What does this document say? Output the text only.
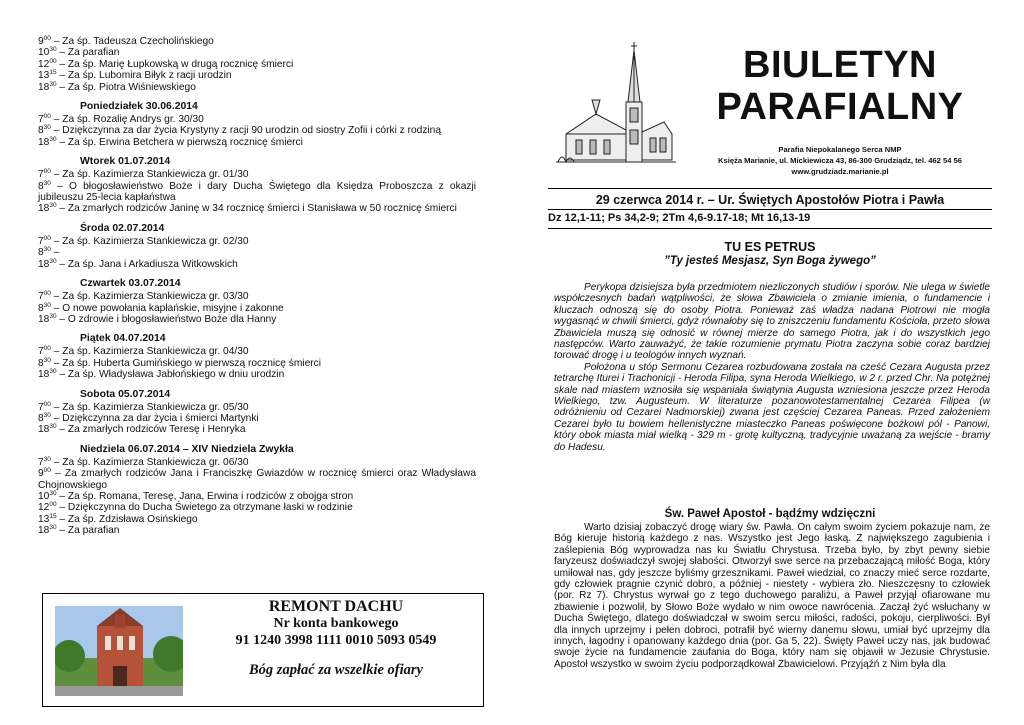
$9^{00}$ – Za śp. Tadeusza Czecholińskiego
$10^{30}$ – Za parafian
$12^{00}$ – Za śp. Marię Łupkowską w drugą rocznicę śmierci
$13^{15}$ – Za śp. Lubomira Biłyk z racji urodzin
$18^{30}$ – Za śp. Piotra Wiśniewskiego
Poniedziałek 30.06.2014
$7^{00}$ – Za śp. Rozalię Andrys gr. 30/30
$8^{30}$ – Dziękczynna za dar życia Krystyny z racji 90 urodzin od siostry Zofii i córki z rodziną
$18^{30}$ – Za śp. Erwina Betchera w pierwszą rocznicę śmierci
Wtorek 01.07.2014
$7^{00}$ – Za śp. Kazimierza Stankiewicza gr. 01/30
$8^{30}$ – O błogosławieństwo Boże i dary Ducha Świętego dla Księdza Proboszcza z okazji jubileuszu 25-lecia kapłaństwa
$18^{30}$ – Za zmarłych rodziców Janinę w 34 rocznicę śmierci i Stanisława w 50 rocznicę śmierci
Środa 02.07.2014
$7^{00}$ – Za śp. Kazimierza Stankiewicza gr. 02/30
$8^{30}$ –
$18^{30}$ – Za śp. Jana i Arkadiusza Witkowskich
Czwartek 03.07.2014
$7^{00}$ – Za śp. Kazimierza Stankiewicza gr. 03/30
$8^{30}$ – O nowe powołania kapłańskie, misyjne i zakonne
$18^{30}$ – O zdrowie i błogosławieństwo Boże dla Hanny
Piątek 04.07.2014
$7^{00}$ – Za śp. Kazimierza Stankiewicza gr. 04/30
$8^{30}$ – Za śp. Huberta Gumińskiego w pierwszą rocznicę śmierci
$18^{30}$ – Za śp. Władysława Jabłońskiego w dniu urodzin
Sobota 05.07.2014
$7^{00}$ – Za śp. Kazimierza Stankiewicza gr. 05/30
$8^{30}$ – Dziękczynna za dar życia i śmierci Martynki
$18^{30}$ – Za zmarłych rodziców Teresę i Henryka
Niedziela 06.07.2014 – XIV Niedziela Zwykła
$7^{30}$ – Za śp. Kazimierza Stankiewicza gr. 06/30
$9^{00}$ – Za zmarłych rodziców Jana i Franciszkę Gwiazdów w rocznicę śmierci oraz Władysława Chojnowskiego
$10^{30}$ – Za śp. Romana, Teresę, Jana, Erwina i rodziców z obojga stron
$12^{00}$ – Dziękczynna do Ducha Świetego za otrzymane łaski w rodzinie
$13^{15}$ – Za śp. Zdzisława Osińskiego
$18^{30}$ – Za parafian
REMONT DACHU
Nr konta bankowego
91 1240 3998 1111 0010 5093 0549
Bóg zapłać za wszelkie ofiary
BIULETYN
PARAFIALNY
Parafia Niepokalanego Serca NMP
Księża Marianie, ul. Mickiewicza 43, 86-300 Grudziądz, tel. 462 54 56
www.grudziadz.marianie.pl
29 czerwca 2014 r. – Ur. Świętych Apostołów Piotra i Pawła
Dz 12,1-11; Ps 34,2-9; 2Tm 4,6-9.17-18; Mt 16,13-19
TU ES PETRUS
”Ty jesteś Mesjasz, Syn Boga żywego”

Perykopa dzisiejsza była przedmiotem niezliczonych studiów i sporów. Nie ulega w świetle współczesnych badań wątpliwości, że słowa Zbawiciela o zmianie imienia, o fundamencie i kluczach odnoszą się do osoby Piotra. Ponieważ zaś władza nadana Piotrowi nie mogła wygasnąć w chwili śmierci, gdyż równałoby się to zniszczeniu fundamentu Kościoła, przeto słowa Zbawiciela muszą się odnosić w równej mierze do samego Piotra, jak i do wszystkich jego następców. Warto zauważyć, że takie rozumienie prymatu Piotra zaczyna sobie coraz bardziej torować drogę i u teologów innych wyznań.

Położona u stóp Sermonu Cezarea rozbudowana została na cześć Cezara Augusta przez tetrarchę Iturei i Trachonicji - Heroda Filipa, syna Heroda Wielkiego, w 2 r. przed Chr. Na potężnej skale nad miastem wznosiła się wspaniała świątynia Augusta wzniesiona jeszcze przez Heroda Wielkiego, tzw. Augusteum. W literaturze pozanowotestamentalnej Cezarea Filipea (w odróżnieniu od Cezarei Nadmorskiej) zwana jest częściej Cezarea Paneas. Przed założeniem Cezarei było tu bowiem hellenistyczne miasteczko Paneas poświęcone bożkowi pól - Panowi, który obok miasta miał wielką - 329 m - grotę kultyczną, tradycyjnie uważaną za wejście - bramy do Hadesu.

Św. Paweł Apostoł - bądźmy wdzięczni

Warto dzisiaj zobaczyć drogę wiary św. Pawła. On całym swoim życiem pokazuje nam, że Bóg kieruje historią każdego z nas. Wszystko jest Jego łaską. Z największego zagubienia i zaślepienia Bóg wyprowadza nas ku Światłu Chrystusa. Trzeba było, by zbyt pewny siebie faryzeusz doświadczył swojej słabości. Otworzył swe serce na przebaczającą miłość Boga, który umiłował nas, gdy jeszcze byliśmy grzesznikami. Paweł wiedział, co znaczy mieć serce rozdarte, gdy człowiek pragnie czynić dobro, a później - niestety - wybiera zło. Nieszczęsny to człowiek (por. Rz 7). Chrystus wyrwał go z tego duchowego paraliżu, a Paweł przyjął ofiarowane mu zbawienie i pozwolił, by Słowo Boże wydało w nim owoce nawrócenia. Zaczął żyć wsłuchany w Ducha Świętego, dlatego doświadczał w swoim sercu miłości, radości, pokoju, cierpliwości. Był dla innych uprzejmy i pełen dobroci, potrafił być wierny danemu słowu, umiał być uprzejmy dla innych, łagodny i opanowany każdego dnia (por. Ga 5, 22). Święty Paweł uczy nas, jak budować swoje życie na fundamencie zaufania do Boga, który nam się objawił w Jezusie Chrystusie. Apostoł wszystko w swoim życiu podporządkował Zbawicielowi. Przyjąźń z Nim była dla
